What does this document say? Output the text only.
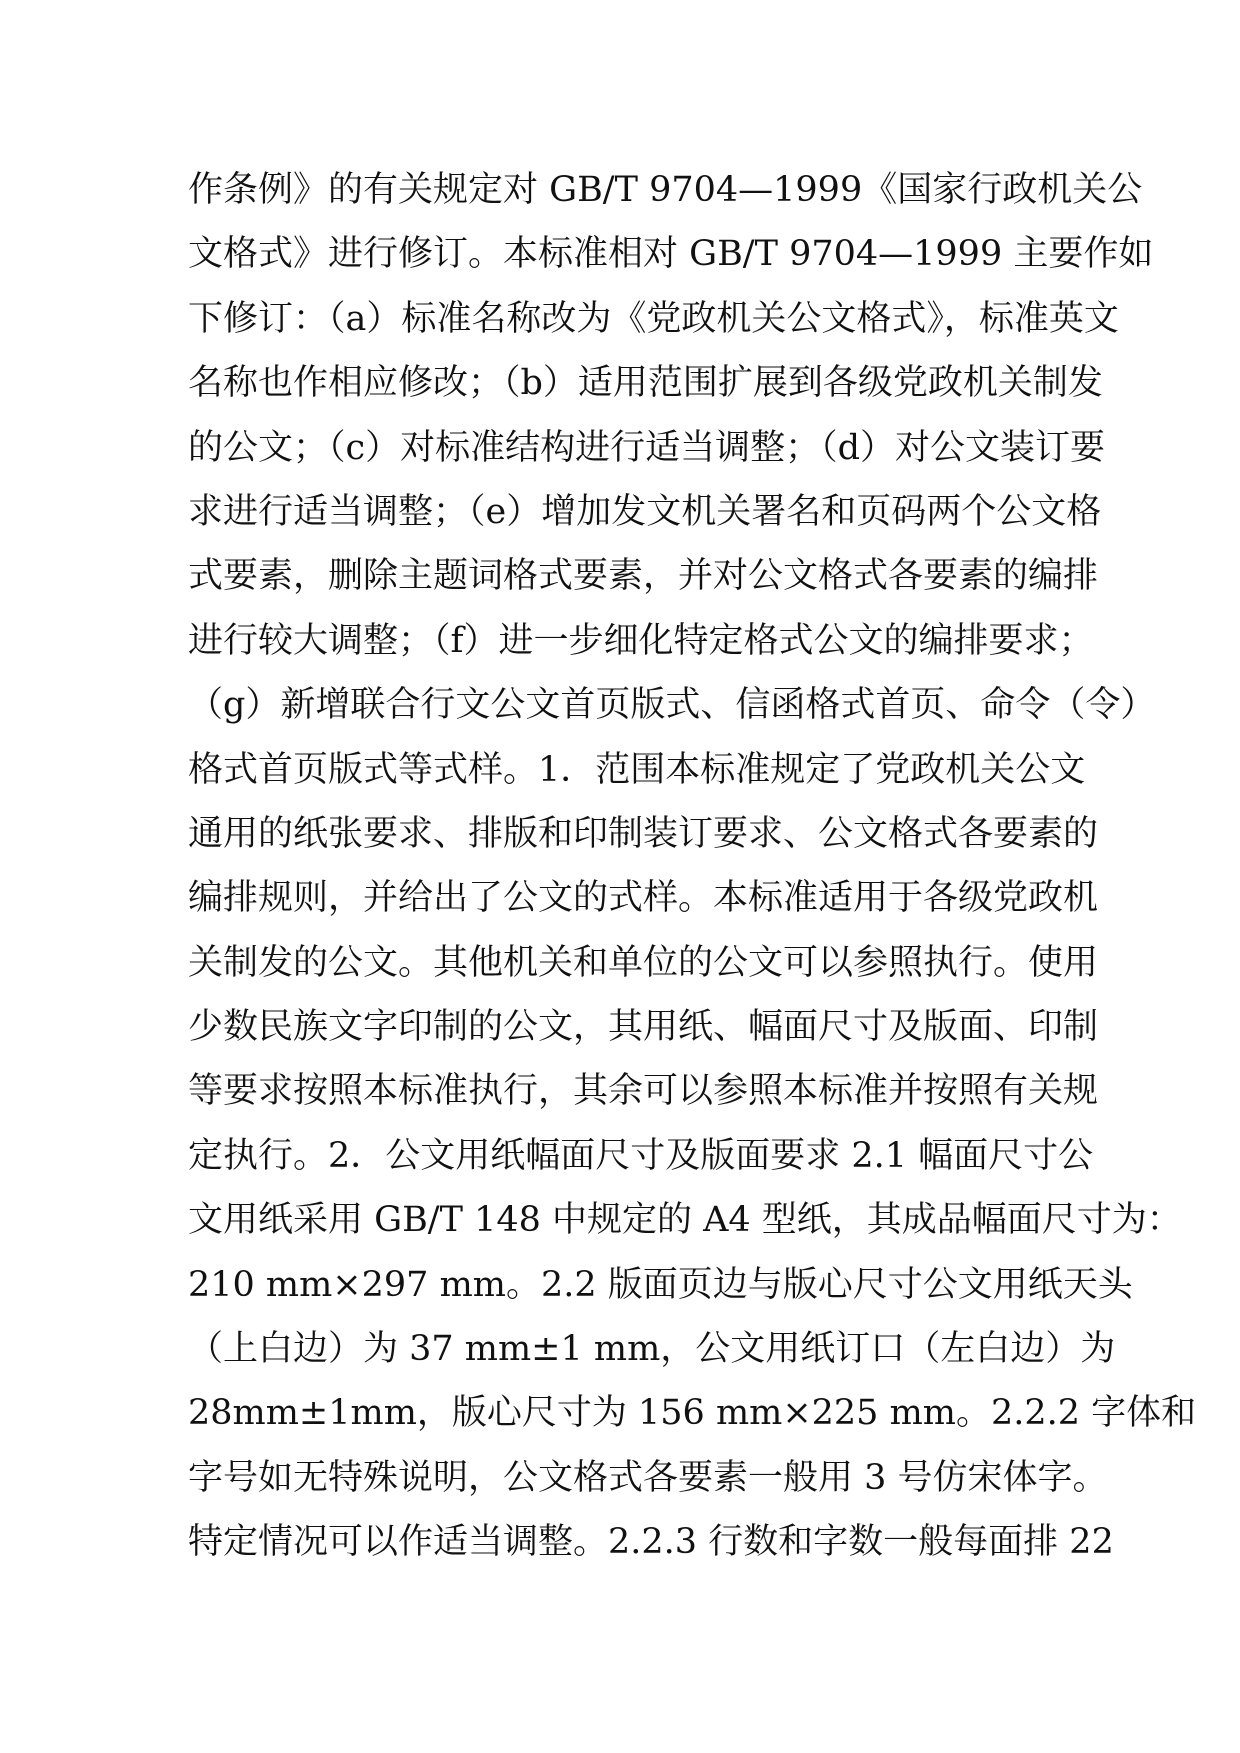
作条例》的有关规定对 GB/T 9704—1999《国家行政机关公
文格式》进行修订。本标准相对 GB/T 9704—1999 主要作如
下修订：（a）标准名称改为《党政机关公文格式》，标准英文
名称也作相应修改；（b）适用范围扩展到各级党政机关制发
的公文；（c）对标准结构进行适当调整；（d）对公文装订要
求进行适当调整；（e）增加发文机关署名和页码两个公文格
式要素，删除主题词格式要素，并对公文格式各要素的编排
进行较大调整；（f）进一步细化特定格式公文的编排要求；
（g）新增联合行文公文首页版式、信函格式首页、命令（令）
格式首页版式等式样。1．范围本标准规定了党政机关公文
通用的纸张要求、排版和印制装订要求、公文格式各要素的
编排规则，并给出了公文的式样。本标准适用于各级党政机
关制发的公文。其他机关和单位的公文可以参照执行。使用
少数民族文字印制的公文，其用纸、幅面尺寸及版面、印制
等要求按照本标准执行，其余可以参照本标准并按照有关规
定执行。2．公文用纸幅面尺寸及版面要求 2.1 幅面尺寸公
文用纸采用 GB/T 148 中规定的 A4 型纸，其成品幅面尺寸为：
210 mm×297 mm。2.2 版面页边与版心尺寸公文用纸天头
（上白边）为 37 mm±1 mm，公文用纸订口（左白边）为
28mm±1mm，版心尺寸为 156 mm×225 mm。2.2.2 字体和
字号如无特殊说明，公文格式各要素一般用 3 号仿宋体字。
特定情况可以作适当调整。2.2.3 行数和字数一般每面排 22
